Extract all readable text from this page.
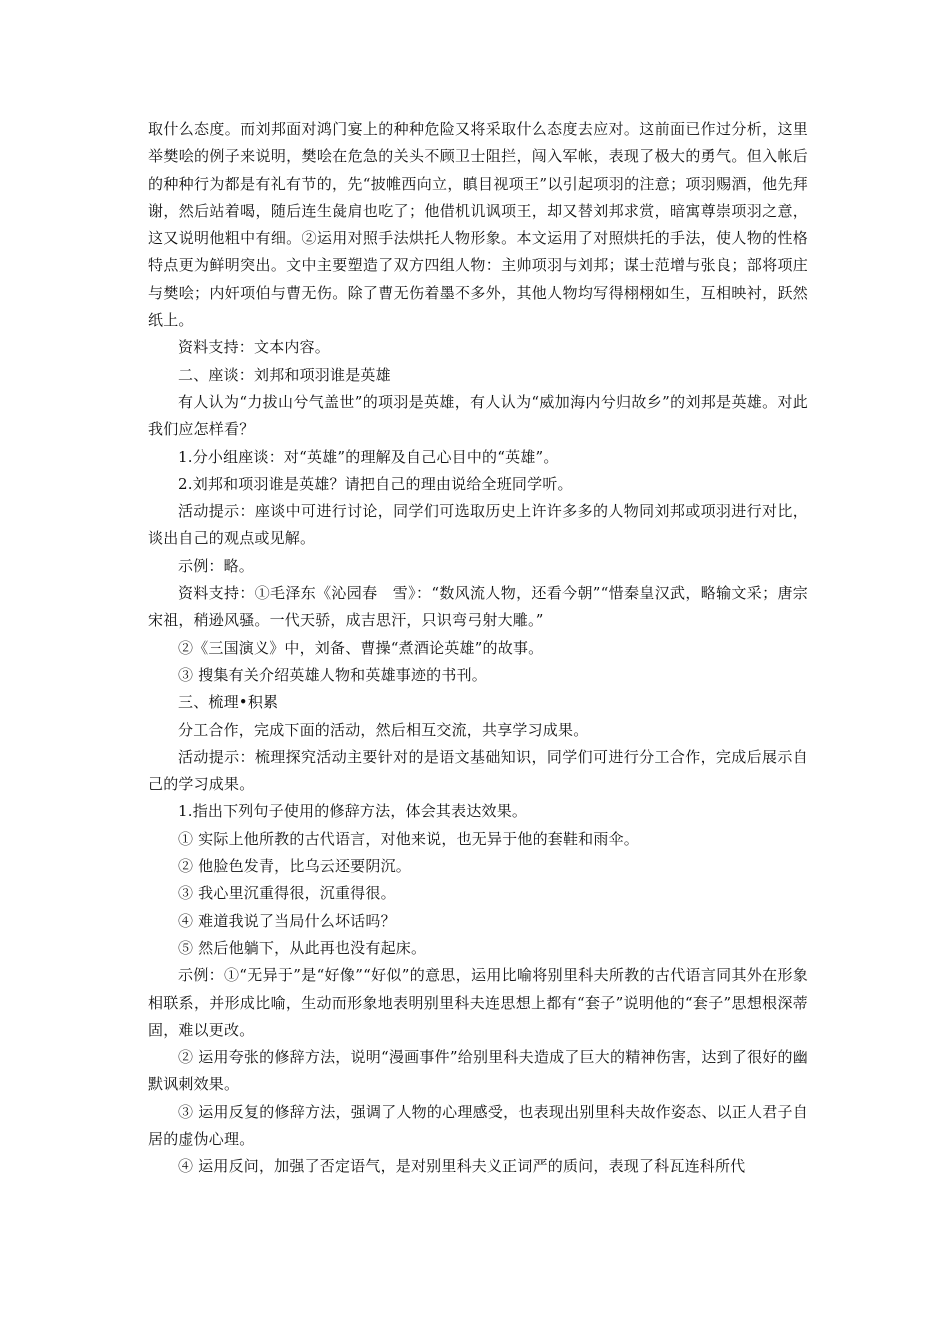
取什么态度。而刘邦面对鸿门宴上的种种危险又将采取什么态度去应对。这前面已作过分析，这里举樊哙的例子来说明，樊哙在危急的关头不顾卫士阻拦，闯入军帐，表现了极大的勇气。但入帐后的种种行为都是有礼有节的，先“披帷西向立，瞋目视项王”以引起项羽的注意；项羽赐酒，他先拜谢，然后站着喝，随后连生彘肩也吃了；他借机讥讽项王，却又替刘邦求赏，暗寓尊崇项羽之意，这又说明他粗中有细。②运用对照手法烘托人物形象。本文运用了对照烘托的手法，使人物的性格特点更为鲜明突出。文中主要塑造了双方四组人物：主帅项羽与刘邦；谋士范增与张良；部将项庄与樊哙；内奸项伯与曹无伤。除了曹无伤着墨不多外，其他人物均写得栩栩如生，互相映衬，跃然纸上。

资料支持：文本内容。

二、座谈：刘邦和项羽谁是英雄

有人认为“力拔山兮气盖世”的项羽是英雄，有人认为“威加海内兮归故乡”的刘邦是英雄。对此我们应怎样看？

1.分小组座谈：对“英雄”的理解及自己心目中的“英雄”。

2.刘邦和项羽谁是英雄？请把自己的理由说给全班同学听。

活动提示：座谈中可进行讨论，同学们可选取历史上许许多多的人物同刘邦或项羽进行对比，谈出自己的观点或见解。

示例：略。

资料支持：①毛泽东《沁园春　雪》：“数风流人物，还看今朝”“惜秦皇汉武，略输文采；唐宗宋祖，稍逊风骚。一代天骄，成吉思汗，只识弯弓射大雕。”

②《三国演义》中，刘备、曹操“煮酒论英雄”的故事。

③ 搜集有关介绍英雄人物和英雄事迹的书刊。

三、梳理•积累

分工合作，完成下面的活动，然后相互交流，共享学习成果。

活动提示：梳理探究活动主要针对的是语文基础知识，同学们可进行分工合作，完成后展示自己的学习成果。

1.指出下列句子使用的修辞方法，体会其表达效果。

① 实际上他所教的古代语言，对他来说，也无异于他的套鞋和雨伞。

② 他脸色发青，比乌云还要阴沉。

③ 我心里沉重得很，沉重得很。

④ 难道我说了当局什么坏话吗？

⑤ 然后他躺下，从此再也没有起床。

示例：①“无异于”是“好像”“好似”的意思，运用比喻将别里科夫所教的古代语言同其外在形象相联系，并形成比喻，生动而形象地表明别里科夫连思想上都有“套子”说明他的“套子”思想根深蒂固，难以更改。

② 运用夸张的修辞方法，说明“漫画事件”给别里科夫造成了巨大的精神伤害，达到了很好的幽默讽刺效果。

③ 运用反复的修辞方法，强调了人物的心理感受，也表现出别里科夫故作姿态、以正人君子自居的虚伪心理。

④ 运用反问，加强了否定语气，是对别里科夫义正词严的质问，表现了科瓦连科所代
